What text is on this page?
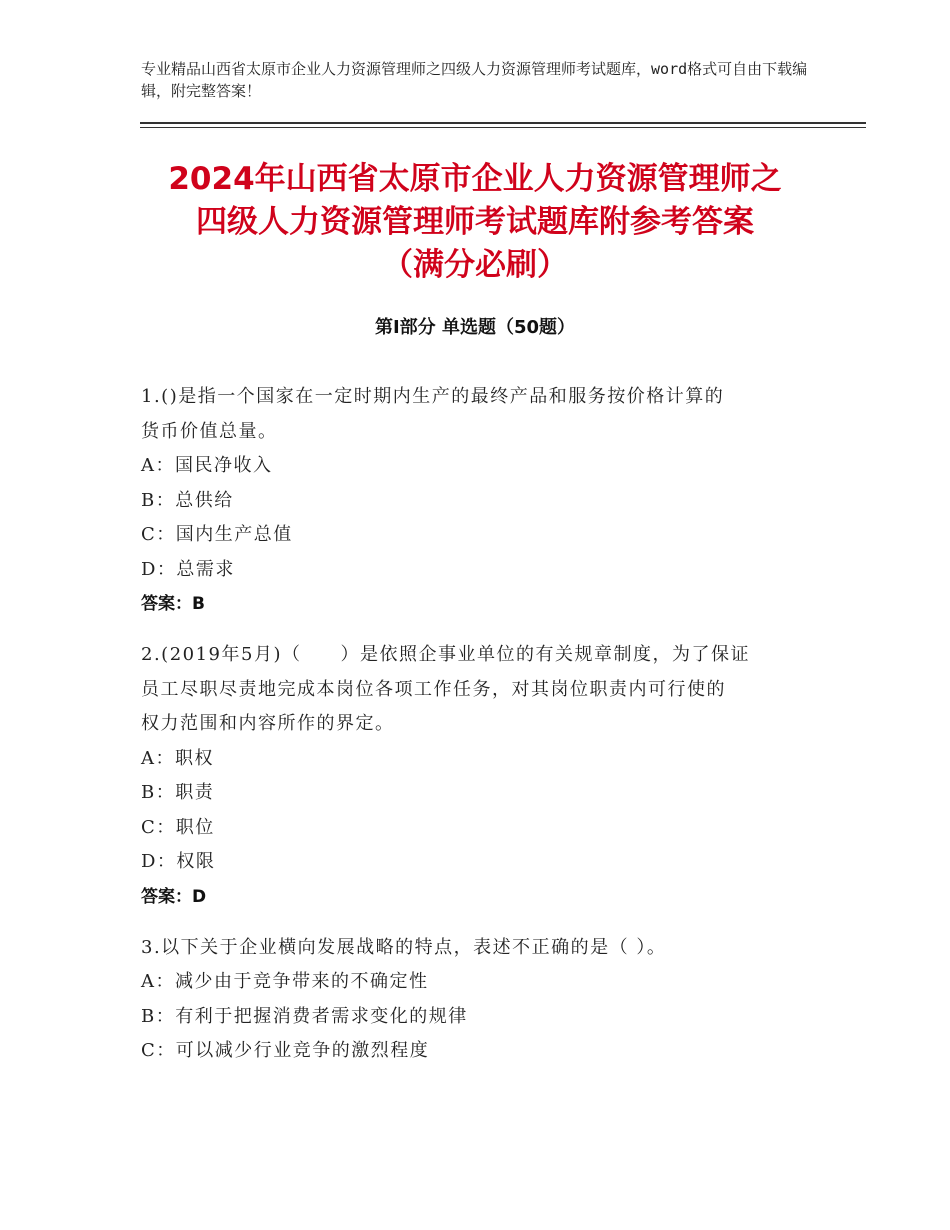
专业精品山西省太原市企业人力资源管理师之四级人力资源管理师考试题库，word格式可自由下载编辑，附完整答案！
2024年山西省太原市企业人力资源管理师之
四级人力资源管理师考试题库附参考答案
（满分必刷）
第Ⅰ部分 单选题（50题）
1.()是指一个国家在一定时期内生产的最终产品和服务按价格计算的
货币价值总量。
A：国民净收入
B：总供给
C：国内生产总值
D：总需求
答案：B
2.(2019年5月)（　　）是依照企事业单位的有关规章制度，为了保证
员工尽职尽责地完成本岗位各项工作任务，对其岗位职责内可行使的
权力范围和内容所作的界定。
A：职权
B：职责
C：职位
D：权限
答案：D
3.以下关于企业横向发展战略的特点，表述不正确的是（ ）。
A：减少由于竞争带来的不确定性
B：有利于把握消费者需求变化的规律
C：可以减少行业竞争的激烈程度
